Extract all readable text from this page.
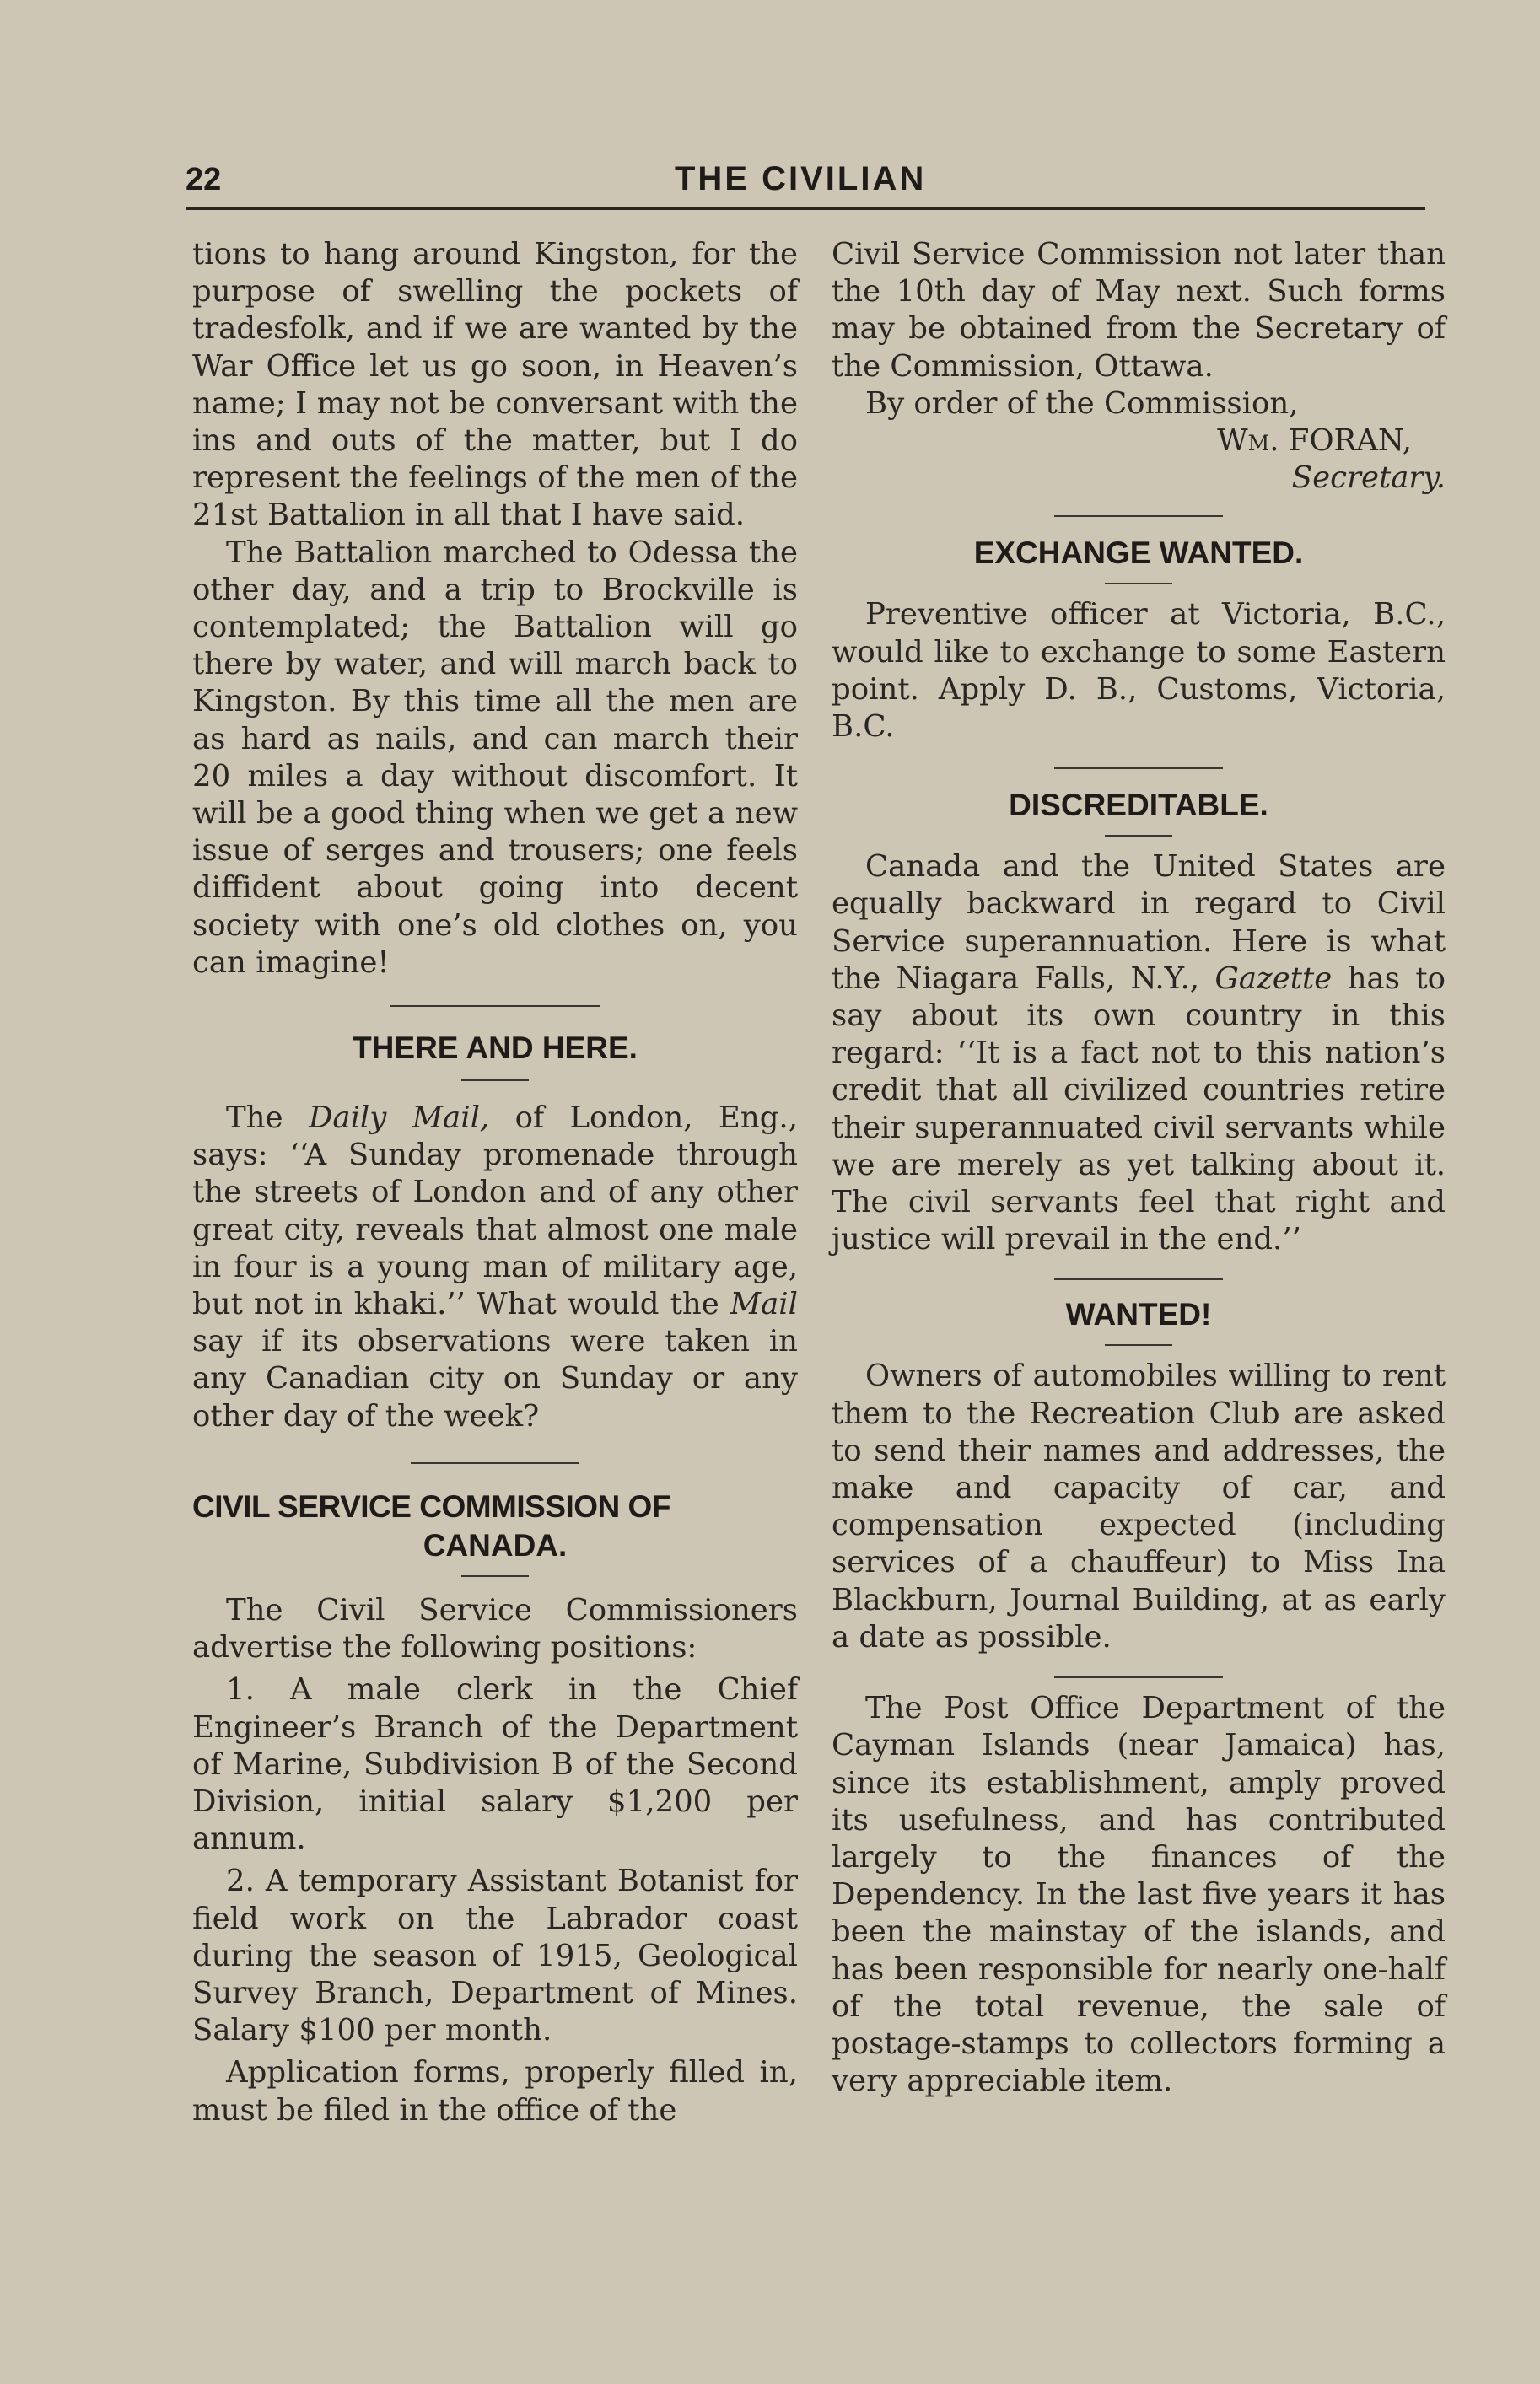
22	THE CIVILIAN

tions to hang around Kingston, for the purpose of swelling the pockets of tradesfolk, and if we are wanted by the War Office let us go soon, in Heaven’s name; I may not be conversant with the ins and outs of the matter, but I do represent the feelings of the men of the 21st Battalion in all that I have said.

The Battalion marched to Odessa the other day, and a trip to Brockville is contemplated; the Battalion will go there by water, and will march back to Kingston. By this time all the men are as hard as nails, and can march their 20 miles a day without discomfort. It will be a good thing when we get a new issue of serges and trousers; one feels diffident about going into decent society with one’s old clothes on, you can imagine!

THERE AND HERE.

The Daily Mail, of London, Eng., says: ‘‘A Sunday promenade through the streets of London and of any other great city, reveals that almost one male in four is a young man of military age, but not in khaki.’’ What would the Mail say if its observations were taken in any Canadian city on Sunday or any other day of the week?

CIVIL SERVICE COMMISSION OF
CANADA.

The Civil Service Commissioners advertise the following positions:

1. A male clerk in the Chief Engineer’s Branch of the Department of Marine, Subdivision B of the Second Division, initial salary $1,200 per annum.

2. A temporary Assistant Botanist for field work on the Labrador coast during the season of 1915, Geological Survey Branch, Department of Mines. Salary $100 per month.

Application forms, properly filled in, must be filed in the office of the

Civil Service Commission not later than the 10th day of May next. Such forms may be obtained from the Secretary of the Commission, Ottawa.

By order of the Commission,

Wm. FORAN,

Secretary.

EXCHANGE WANTED.

Preventive officer at Victoria, B.C., would like to exchange to some Eastern point. Apply D. B., Customs, Victoria, B.C.

DISCREDITABLE.

Canada and the United States are equally backward in regard to Civil Service superannuation. Here is what the Niagara Falls, N.Y., Gazette has to say about its own country in this regard: ‘‘It is a fact not to this nation’s credit that all civilized countries retire their superannuated civil servants while we are merely as yet talking about it. The civil servants feel that right and justice will prevail in the end.’’

WANTED!

Owners of automobiles willing to rent them to the Recreation Club are asked to send their names and addresses, the make and capacity of car, and compensation expected (including services of a chauffeur) to Miss Ina Blackburn, Journal Building, at as early a date as possible.

The Post Office Department of the Cayman Islands (near Jamaica) has, since its establishment, amply proved its usefulness, and has contributed largely to the finances of the Dependency. In the last five years it has been the mainstay of the islands, and has been responsible for nearly one-half of the total revenue, the sale of postage-stamps to collectors forming a very appreciable item.
